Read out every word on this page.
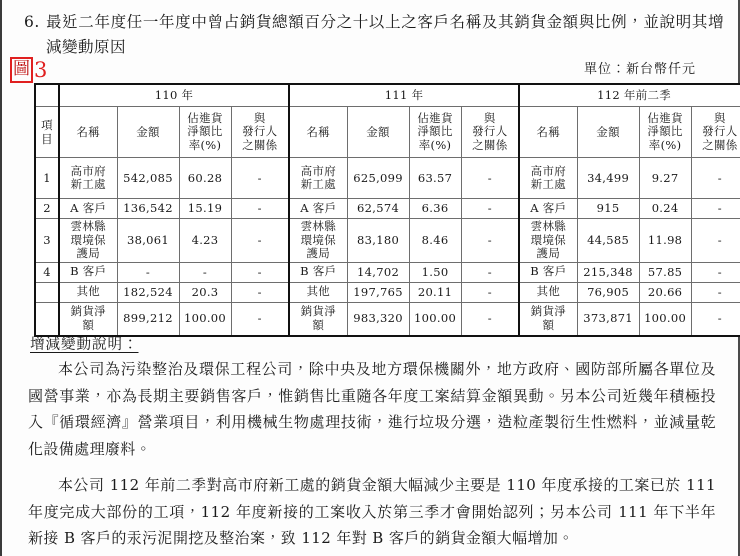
6. 最近二年度任一年度中曾占銷貨總額百分之十以上之客戶名稱及其銷貨金額與比例，並說明其增減變動原因
圖 3	單位：新台幣仟元
	110 年				111 年				112 年前二季			

項目	名稱	金額	佔進貨
淨額比
率(%)	與
發行人
之關係	名稱	金額	佔進貨
淨額比
率(%)	與
發行人
之關係	名稱	金額	佔進貨
淨額比
率(%)	與
發行人
之關係

1	高市府
新工處	542,085	60.28	-	高市府
新工處	625,099	63.57	-	高市府
新工處	34,499	9.27	-
2	A 客戶	136,542	15.19	-	A 客戶	62,574	6.36	-	A 客戶	915	0.24	-
3	雲林縣
環境保
護局	38,061	4.23	-	雲林縣
環境保
護局	83,180	8.46	-	雲林縣
環境保
護局	44,585	11.98	-
4	B 客戶	-	-	-	B 客戶	14,702	1.50	-	B 客戶	215,348	57.85	-

	其他	182,524	20.3	-	其他	197,765	20.11	-	其他	76,905	20.66	-

	銷貨淨
額	899,212	100.00	-	銷貨淨
額	983,320	100.00	-	銷貨淨
額	373,871	100.00	-
增減變動說明：

本公司為污染整治及環保工程公司，除中央及地方環保機關外，地方政府、國防部所屬各單位及國營事業，亦為長期主要銷售客戶，惟銷售比重隨各年度工案結算金額異動。另本公司近幾年積極投入『循環經濟』營業項目，利用機械生物處理技術，進行垃圾分選，造粒產製衍生性燃料，並減量乾化設備處理廢料。

本公司 112 年前二季對高市府新工處的銷貨金額大幅減少主要是 110 年度承接的工案已於 111 年度完成大部份的工項，112 年度新接的工案收入於第三季才會開始認列；另本公司 111 年下半年新接 B 客戶的汞污泥開挖及整治案，致 112 年對 B 客戶的銷貨金額大幅增加。
